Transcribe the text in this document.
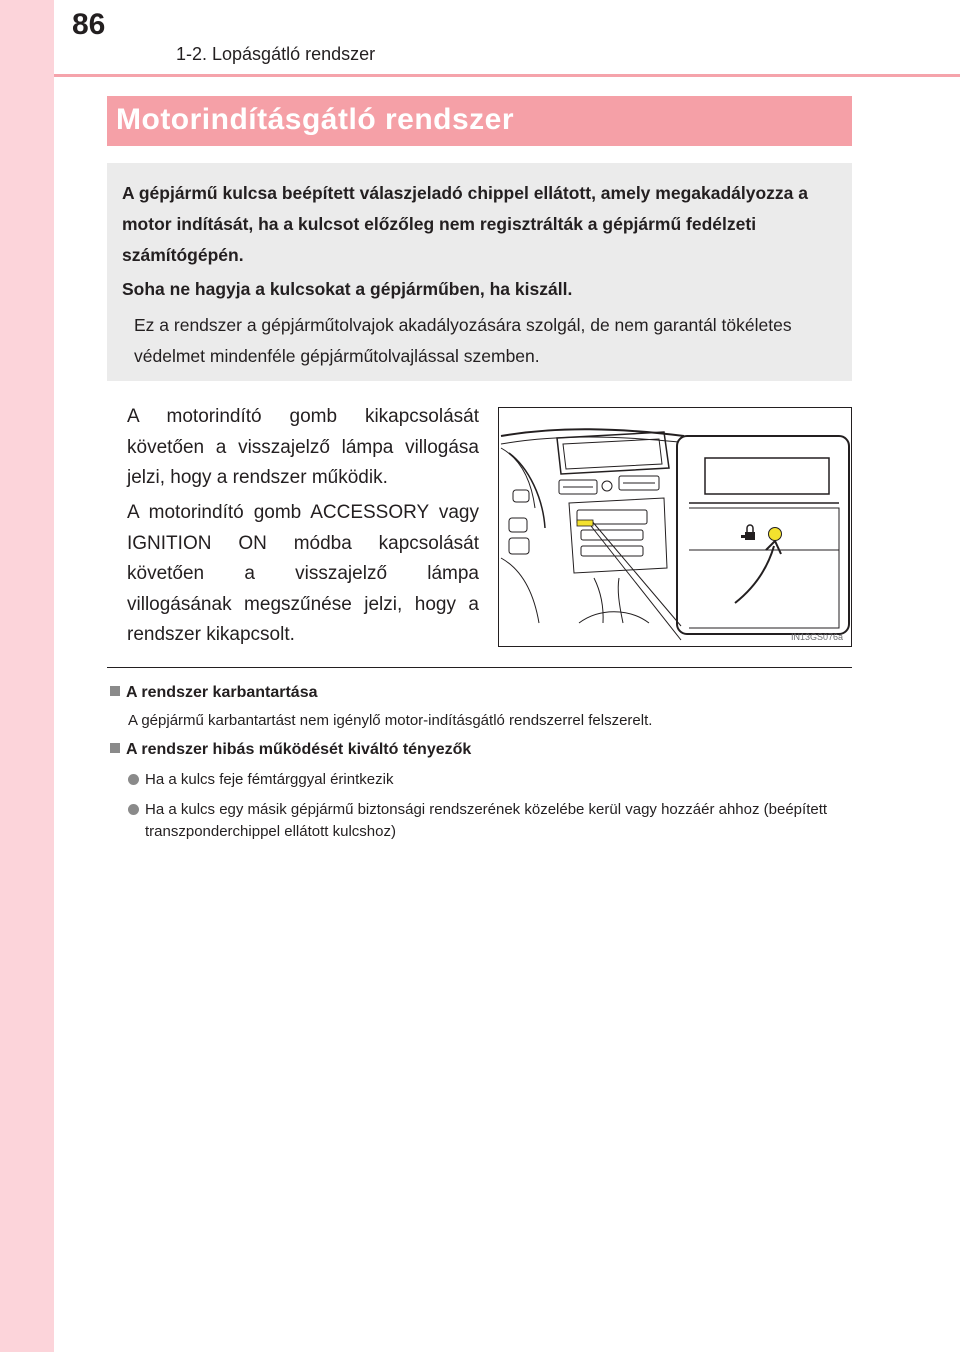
86
1-2. Lopásgátló rendszer
Motorindításgátló rendszer

A gépjármű kulcsa beépített válaszjeladó chippel ellátott, amely megakadályozza a motor indítását, ha a kulcsot előzőleg nem regisztrálták a gépjármű fedélzeti számítógépén.

Soha ne hagyja a kulcsokat a gépjárműben, ha kiszáll.

Ez a rendszer a gépjárműtolvajok akadályozására szolgál, de nem garantál tökéletes védelmet mindenféle gépjárműtolvajlással szemben.

A motorindító gomb kikapcsolását követően a visszajelző lámpa villogása jelzi, hogy a rendszer működik.

A motorindító gomb ACCESSORY vagy IGNITION ON módba kapcsolását követően a visszajelző lámpa villogásának megszűnése jelzi, hogy a rendszer kikapcsolt.	IN13GS076a
A rendszer karbantartása
A gépjármű karbantartást nem igénylő motor-indításgátló rendszerrel felszerelt.
A rendszer hibás működését kiváltó tényezők
Ha a kulcs feje fémtárggyal érintkezik
Ha a kulcs egy másik gépjármű biztonsági rendszerének közelébe kerül vagy hozzáér ahhoz (beépített transzponderchippel ellátott kulcshoz)
